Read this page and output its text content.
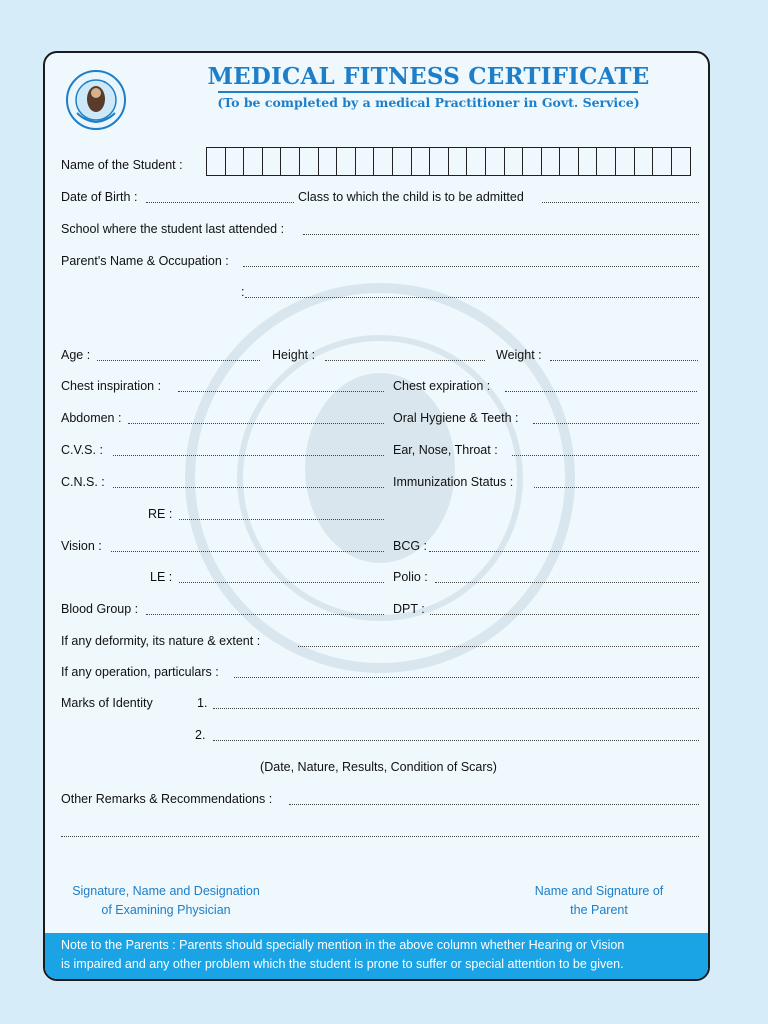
MEDICAL FITNESS CERTIFICATE
(To be completed by a medical Practitioner in Govt. Service)
Name of the Student :
Date of Birth :	Class to which the child is to be admitted
School where the student last attended :
Parent's Name & Occupation :
:
Age :	Height :	Weight :
Chest inspiration :	Chest expiration :
Abdomen :	Oral Hygiene & Teeth :
C.V.S. :	Ear, Nose, Throat :
C.N.S. :	Immunization Status :
RE :
Vision :	BCG :
LE :	Polio :
Blood Group :	DPT :
If any deformity, its nature & extent :
If any operation, particulars :
Marks of Identity	1.
2.
(Date, Nature, Results, Condition of Scars)
Other Remarks & Recommendations :
Signature, Name and Designation
of Examining Physician
Name and Signature of
the Parent
Note to the Parents : Parents should specially mention in the above column whether Hearing or Vision
is impaired and any other problem which the student is prone to suffer or special attention to be given.
